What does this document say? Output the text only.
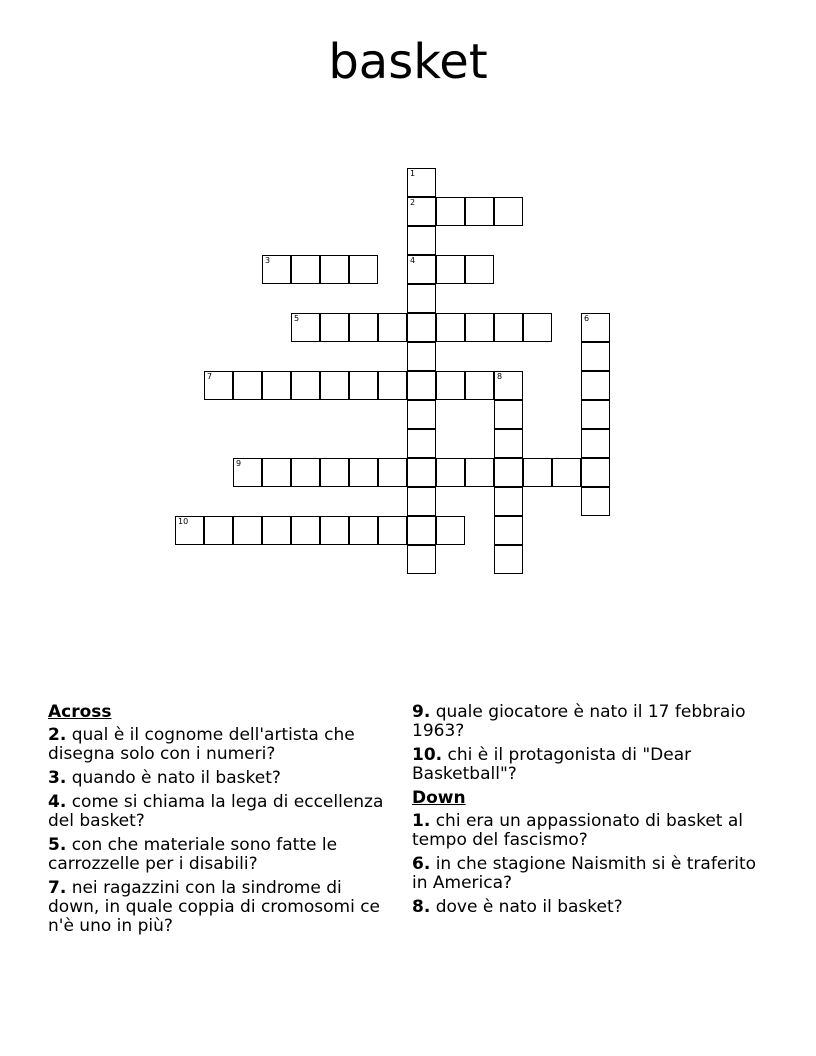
basket
1
2
4
3
5	6
7	8
9
10
Across
2. qual è il cognome dell'artista che disegna solo con i numeri?
3. quando è nato il basket?
4. come si chiama la lega di eccellenza del basket?
5. con che materiale sono fatte le carrozzelle per i disabili?
7. nei ragazzini con la sindrome di down, in quale coppia di cromosomi ce n'è uno in più?
9. quale giocatore è nato il 17 febbraio 1963?
10. chi è il protagonista di "Dear Basketball"?
Down
1. chi era un appassionato di basket al tempo del fascismo?
6. in che stagione Naismith si è traferito in America?
8. dove è nato il basket?
